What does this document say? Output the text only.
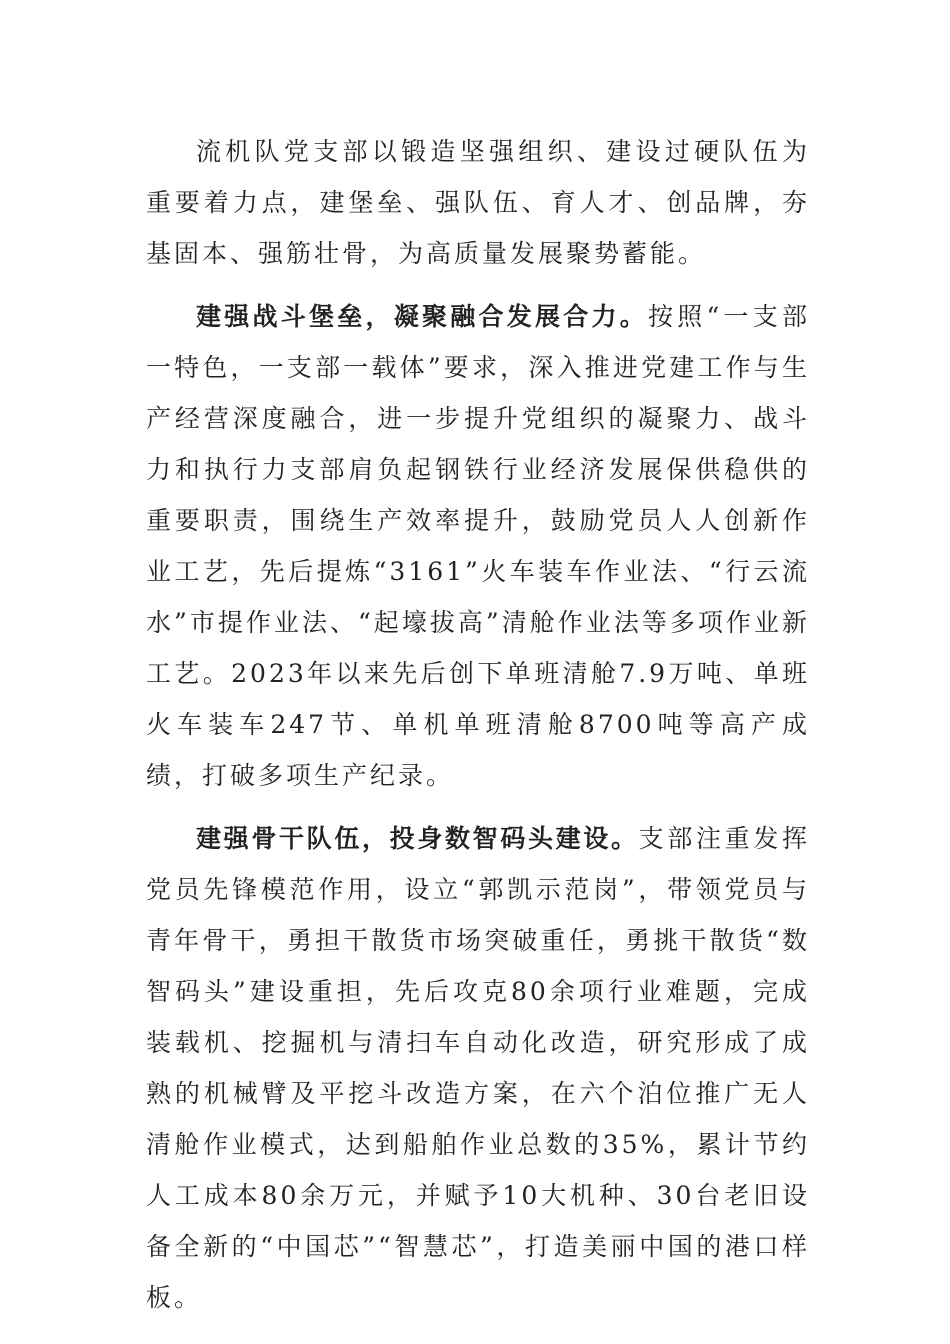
流机队党支部以锻造坚强组织、建设过硬队伍为重要着力点，建堡垒、强队伍、育人才、创品牌，夯基固本、强筋壮骨，为高质量发展聚势蓄能。

建强战斗堡垒，凝聚融合发展合力。按照“一支部一特色，一支部一载体”要求，深入推进党建工作与生产经营深度融合，进一步提升党组织的凝聚力、战斗力和执行力支部肩负起钢铁行业经济发展保供稳供的重要职责，围绕生产效率提升，鼓励党员人人创新作业工艺，先后提炼“3161”火车装车作业法、“行云流水”市提作业法、“起壕拔高”清舱作业法等多项作业新工艺。2023年以来先后创下单班清舱7.9万吨、单班火车装车247节、单机单班清舱8700吨等高产成绩，打破多项生产纪录。

建强骨干队伍，投身数智码头建设。支部注重发挥党员先锋模范作用，设立“郭凯示范岗”，带领党员与青年骨干，勇担干散货市场突破重任，勇挑干散货“数智码头”建设重担，先后攻克80余项行业难题，完成装载机、挖掘机与清扫车自动化改造，研究形成了成熟的机械臂及平挖斗改造方案，在六个泊位推广无人清舱作业模式，达到船舶作业总数的35%，累计节约人工成本80余万元，并赋予10大机种、30台老旧设备全新的“中国芯”“智慧芯”，打造美丽中国的港口样板。
